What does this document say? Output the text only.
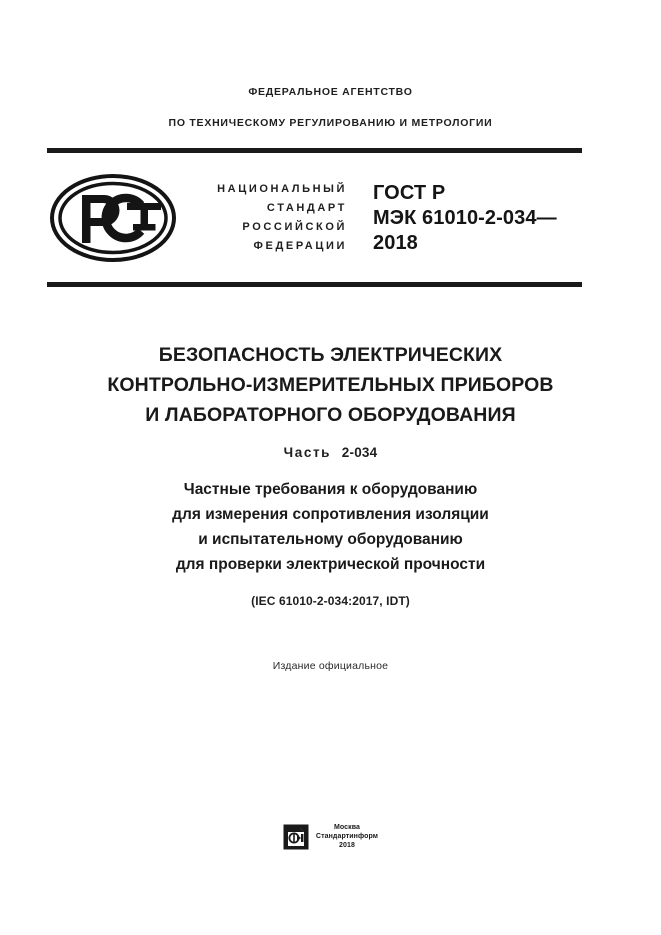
ФЕДЕРАЛЬНОЕ АГЕНТСТВО
ПО ТЕХНИЧЕСКОМУ РЕГУЛИРОВАНИЮ И МЕТРОЛОГИИ
НАЦИОНАЛЬНЫЙ
СТАНДАРТ
РОССИЙСКОЙ
ФЕДЕРАЦИИ
ГОСТ Р
МЭК 61010-2-034—
2018
БЕЗОПАСНОСТЬ ЭЛЕКТРИЧЕСКИХ
КОНТРОЛЬНО-ИЗМЕРИТЕЛЬНЫХ ПРИБОРОВ
И ЛАБОРАТОРНОГО ОБОРУДОВАНИЯ
Часть 2-034
Частные требования к оборудованию
для измерения сопротивления изоляции
и испытательному оборудованию
для проверки электрической прочности
(IEC 61010-2-034:2017, IDT)
Издание официальное
Москва
Стандартинформ
2018
